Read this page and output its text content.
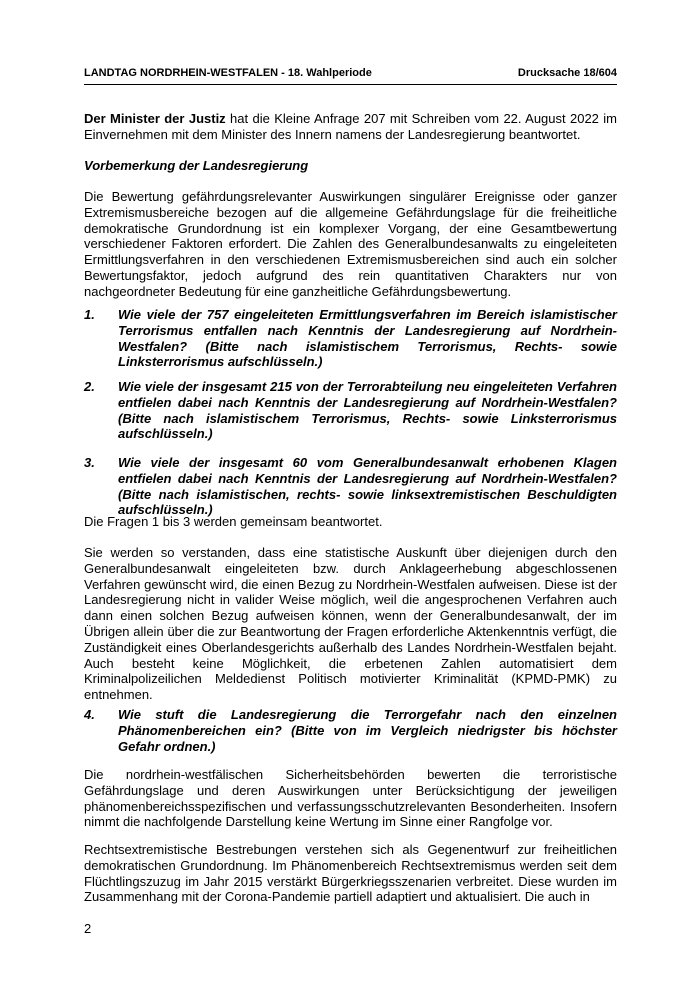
LANDTAG NORDRHEIN-WESTFALEN - 18. Wahlperiode	Drucksache 18/604
Der Minister der Justiz hat die Kleine Anfrage 207 mit Schreiben vom 22. August 2022 im Einvernehmen mit dem Minister des Innern namens der Landesregierung beantwortet.
Vorbemerkung der Landesregierung
Die Bewertung gefährdungsrelevanter Auswirkungen singulärer Ereignisse oder ganzer Extremismusbereiche bezogen auf die allgemeine Gefährdungslage für die freiheitliche demokratische Grundordnung ist ein komplexer Vorgang, der eine Gesamtbewertung verschiedener Faktoren erfordert. Die Zahlen des Generalbundesanwalts zu eingeleiteten Ermittlungsverfahren in den verschiedenen Extremismusbereichen sind auch ein solcher Bewertungsfaktor, jedoch aufgrund des rein quantitativen Charakters nur von nachgeordneter Bedeutung für eine ganzheitliche Gefährdungsbewertung.
1.	Wie viele der 757 eingeleiteten Ermittlungsverfahren im Bereich islamistischer Terrorismus entfallen nach Kenntnis der Landesregierung auf Nordrhein-Westfalen? (Bitte nach islamistischem Terrorismus, Rechts- sowie Linksterrorismus aufschlüsseln.)
2.	Wie viele der insgesamt 215 von der Terrorabteilung neu eingeleiteten Verfahren entfielen dabei nach Kenntnis der Landesregierung auf Nordrhein-Westfalen? (Bitte nach islamistischem Terrorismus, Rechts- sowie Linksterrorismus aufschlüsseln.)
3.	Wie viele der insgesamt 60 vom Generalbundesanwalt erhobenen Klagen entfielen dabei nach Kenntnis der Landesregierung auf Nordrhein-Westfalen? (Bitte nach islamistischen, rechts- sowie linksextremistischen Beschuldigten aufschlüsseln.)
Die Fragen 1 bis 3 werden gemeinsam beantwortet.
Sie werden so verstanden, dass eine statistische Auskunft über diejenigen durch den Generalbundesanwalt eingeleiteten bzw. durch Anklageerhebung abgeschlossenen Verfahren gewünscht wird, die einen Bezug zu Nordrhein-Westfalen aufweisen. Diese ist der Landesregierung nicht in valider Weise möglich, weil die angesprochenen Verfahren auch dann einen solchen Bezug aufweisen können, wenn der Generalbundesanwalt, der im Übrigen allein über die zur Beantwortung der Fragen erforderliche Aktenkenntnis verfügt, die Zuständigkeit eines Oberlandesgerichts außerhalb des Landes Nordrhein-Westfalen bejaht. Auch besteht keine Möglichkeit, die erbetenen Zahlen automatisiert dem Kriminalpolizeilichen Meldedienst Politisch motivierter Kriminalität (KPMD-PMK) zu entnehmen.
4.	Wie stuft die Landesregierung die Terrorgefahr nach den einzelnen Phänomenbereichen ein? (Bitte von im Vergleich niedrigster bis höchster Gefahr ordnen.)
Die nordrhein-westfälischen Sicherheitsbehörden bewerten die terroristische Gefährdungslage und deren Auswirkungen unter Berücksichtigung der jeweiligen phänomenbereichsspezifischen und verfassungsschutzrelevanten Besonderheiten. Insofern nimmt die nachfolgende Darstellung keine Wertung im Sinne einer Rangfolge vor.
Rechtsextremistische Bestrebungen verstehen sich als Gegenentwurf zur freiheitlichen demokratischen Grundordnung. Im Phänomenbereich Rechtsextremismus werden seit dem Flüchtlingszuzug im Jahr 2015 verstärkt Bürgerkriegsszenarien verbreitet. Diese wurden im Zusammenhang mit der Corona-Pandemie partiell adaptiert und aktualisiert. Die auch in
2
